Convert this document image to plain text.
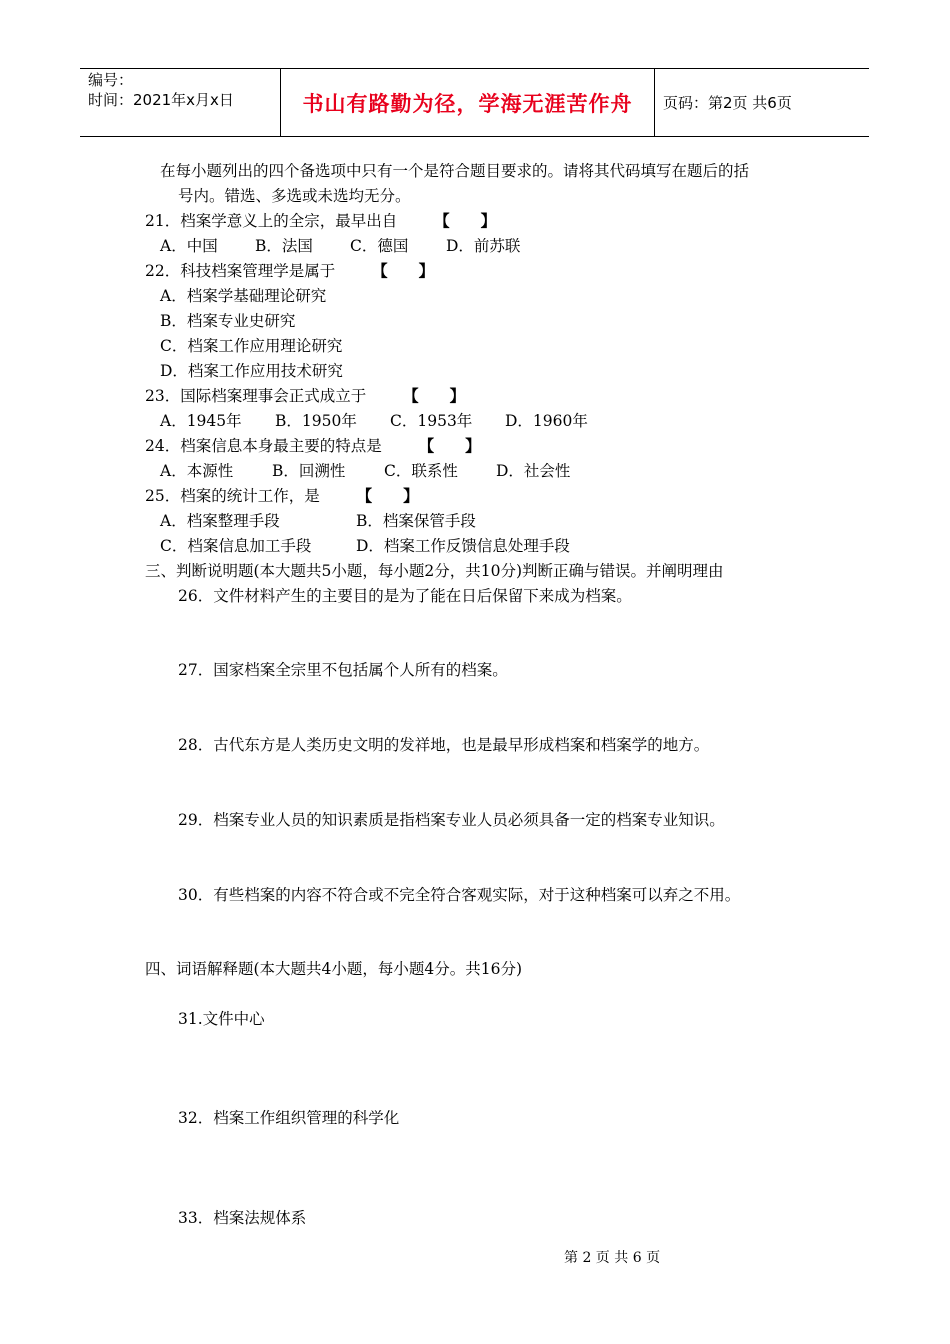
编号：
时间：2021年x月x日	书山有路勤为径，学海无涯苦作舟	页码：第2页 共6页
在每小题列出的四个备选项中只有一个是符合题目要求的。请将其代码填写在题后的括
号内。错选、多选或未选均无分。
21．档案学意义上的全宗，最早出自 【　　】
A．中国 B．法国 C．德国 D．前苏联
22．科技档案管理学是属于 【　　】
A．档案学基础理论研究
B．档案专业史研究
C．档案工作应用理论研究
D．档案工作应用技术研究
23．国际档案理事会正式成立于 【　　】
A．1945年 B．1950年 C．1953年 D．1960年
24．档案信息本身最主要的特点是 【　　】
A．本源性	B．回溯性 C．联系性 D．社会性
25．档案的统计工作，是 【　　】
A．档案整理手段	B．档案保管手段
C．档案信息加工手段	D．档案工作反馈信息处理手段
三、判断说明题(本大题共5小题，每小题2分，共10分)判断正确与错误。并阐明理由
26．文件材料产生的主要目的是为了能在日后保留下来成为档案。
27．国家档案全宗里不包括属个人所有的档案。
28．古代东方是人类历史文明的发祥地，也是最早形成档案和档案学的地方。
29．档案专业人员的知识素质是指档案专业人员必须具备一定的档案专业知识。
30．有些档案的内容不符合或不完全符合客观实际，对于这种档案可以弃之不用。
四、词语解释题(本大题共4小题，每小题4分。共16分)
31.文件中心
32．档案工作组织管理的科学化
33．档案法规体系
第 2 页 共 6 页
